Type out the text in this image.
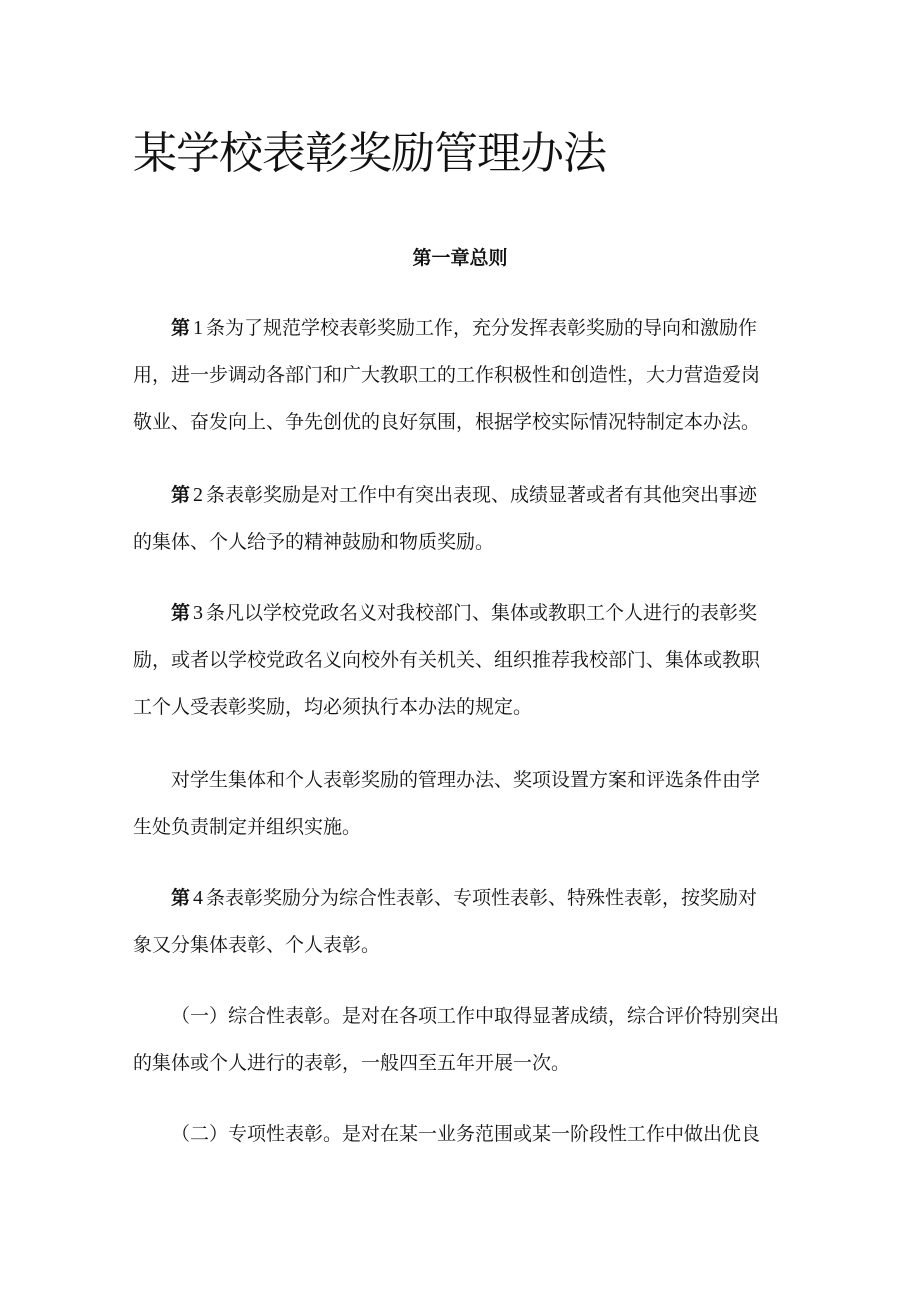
某学校表彰奖励管理办法
第一章总则

第 1 条为了规范学校表彰奖励工作，充分发挥表彰奖励的导向和激励作
用，进一步调动各部门和广大教职工的工作积极性和创造性，大力营造爱岗
敬业、奋发向上、争先创优的良好氛围，根据学校实际情况特制定本办法。

第 2 条表彰奖励是对工作中有突出表现、成绩显著或者有其他突出事迹
的集体、个人给予的精神鼓励和物质奖励。

第 3 条凡以学校党政名义对我校部门、集体或教职工个人进行的表彰奖
励，或者以学校党政名义向校外有关机关、组织推荐我校部门、集体或教职
工个人受表彰奖励，均必须执行本办法的规定。

对学生集体和个人表彰奖励的管理办法、奖项设置方案和评选条件由学
生处负责制定并组织实施。

第 4 条表彰奖励分为综合性表彰、专项性表彰、特殊性表彰，按奖励对
象又分集体表彰、个人表彰。

（一）综合性表彰。是对在各项工作中取得显著成绩，综合评价特别突出
的集体或个人进行的表彰，一般四至五年开展一次。

（二）专项性表彰。是对在某一业务范围或某一阶段性工作中做出优良
